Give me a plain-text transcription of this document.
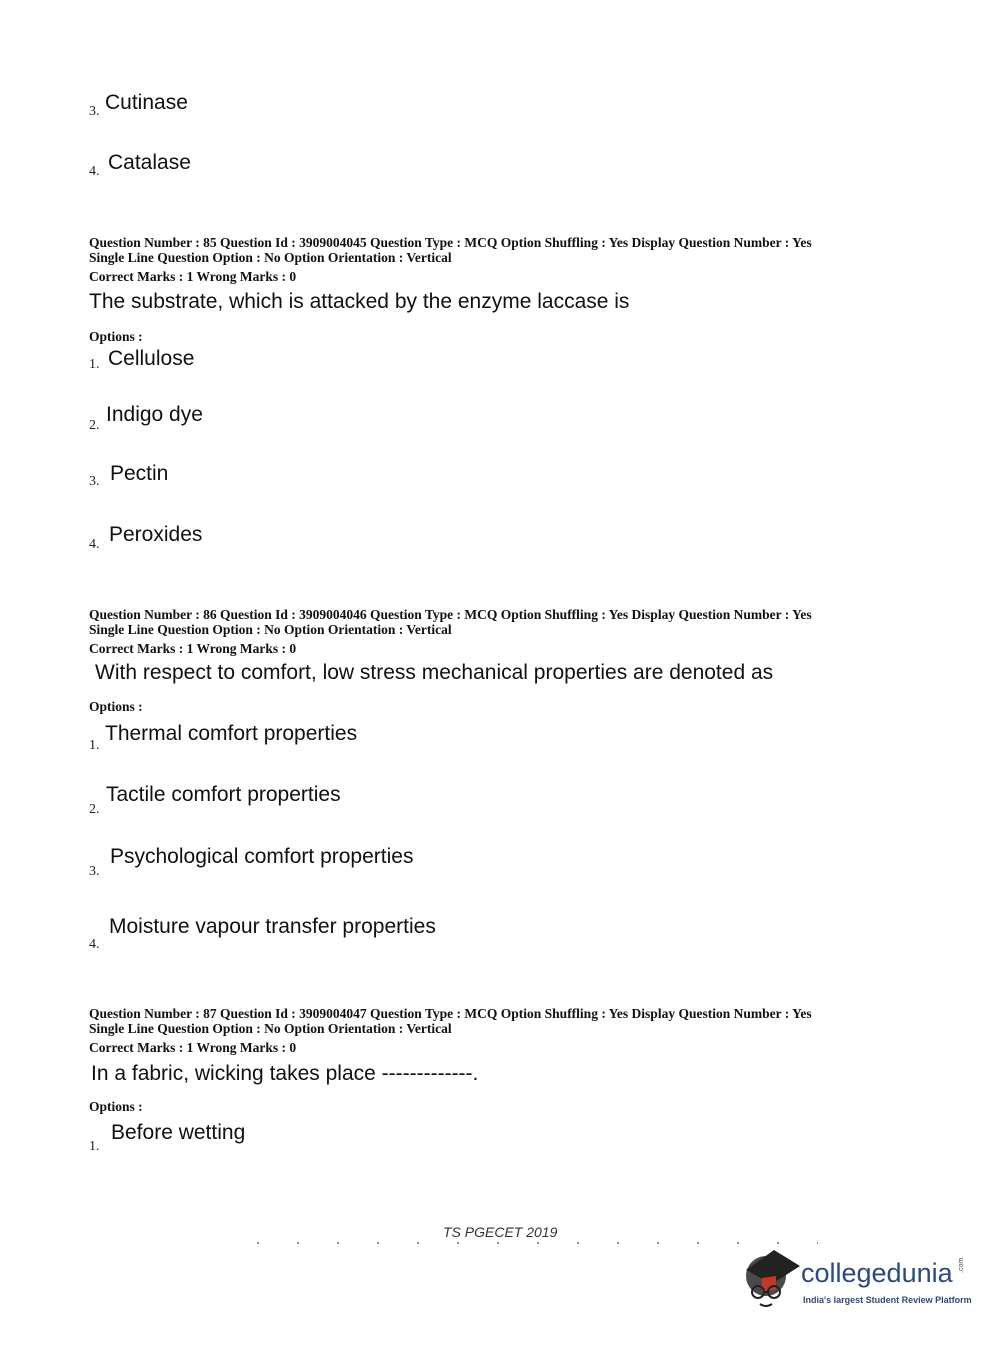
3. Cutinase
4. Catalase
Question Number : 85 Question Id : 3909004045 Question Type : MCQ Option Shuffling : Yes Display Question Number : Yes
Single Line Question Option : No Option Orientation : Vertical
Correct Marks : 1 Wrong Marks : 0
The substrate, which is attacked by the enzyme laccase is
Options :
1. Cellulose
2. Indigo dye
3. Pectin
4. Peroxides
Question Number : 86 Question Id : 3909004046 Question Type : MCQ Option Shuffling : Yes Display Question Number : Yes
Single Line Question Option : No Option Orientation : Vertical
Correct Marks : 1 Wrong Marks : 0
With respect to comfort, low stress mechanical properties are denoted as
Options :
1.
Thermal comfort properties
2.
Tactile comfort properties
3.
Psychological comfort properties
4.
Moisture vapour transfer properties
Question Number : 87 Question Id : 3909004047 Question Type : MCQ Option Shuffling : Yes Display Question Number : Yes
Single Line Question Option : No Option Orientation : Vertical
Correct Marks : 1 Wrong Marks : 0
In a fabric, wicking takes place -------------.
Options :
1.
Before wetting
TS PGECET 2019
collegedunia .com
India's largest Student Review Platform
